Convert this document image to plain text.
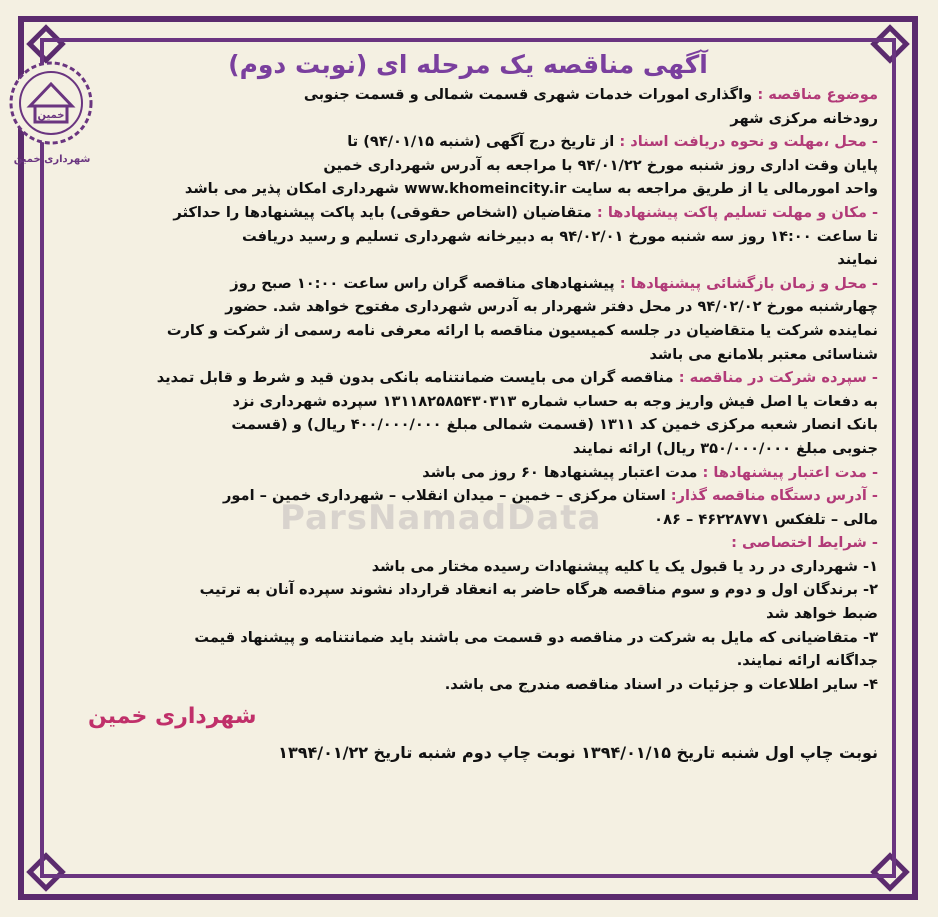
آگهی مناقصه یک مرحله ای (نوبت دوم)

موضوع مناقصه : واگذاری امورات خدمات شهری قسمت شمالی و قسمت جنوبی
رودخانه مرکزی شهر

- محل ،مهلت و نحوه دریافت اسناد : از تاریخ درج آگهی (شنبه ۹۴/۰۱/۱۵) تا
پایان وقت اداری روز شنبه مورخ ۹۴/۰۱/۲۲ با مراجعه به آدرس شهرداری خمین
واحد امورمالی یا از طریق مراجعه به سایت www.khomeincity.ir شهرداری امکان پذیر می باشد

- مکان و مهلت تسلیم پاکت پیشنهادها : متقاضیان (اشخاص حقوقی) باید پاکت پیشنهادها را حداکثر
تا ساعت ۱۴:۰۰ روز سه شنبه مورخ ۹۴/۰۲/۰۱ به دبیرخانه شهرداری تسلیم و رسید دریافت
نمایند

- محل و زمان بازگشائی پیشنهادها : پیشنهادهای مناقصه گران راس ساعت ۱۰:۰۰ صبح روز
چهارشنبه مورخ ۹۴/۰۲/۰۲ در محل دفتر شهردار به آدرس شهرداری مفتوح خواهد شد. حضور
نماینده شرکت یا متقاضیان در جلسه کمیسیون مناقصه با ارائه معرفی نامه رسمی از شرکت و کارت
شناسائی معتبر بلامانع می باشد

- سپرده شرکت در مناقصه : مناقصه گران می بایست ضمانتنامه بانکی بدون قید و شرط و قابل تمدید
به دفعات یا اصل فیش واریز وجه به حساب شماره ۱۳۱۱۸۲۵۸۵۴۳۰۳۱۳ سپرده شهرداری نزد
بانک انصار شعبه مرکزی خمین کد ۱۳۱۱ (قسمت شمالی مبلغ ۴۰۰/۰۰۰/۰۰۰ ریال) و (قسمت
جنوبی مبلغ ۳۵۰/۰۰۰/۰۰۰ ریال) ارائه نمایند

- مدت اعتبار پیشنهادها : مدت اعتبار پیشنهادها ۶۰ روز می باشد

- آدرس دستگاه مناقصه گذار: استان مرکزی – خمین – میدان انقلاب – شهرداری خمین – امور
مالی – تلفکس ۴۶۲۲۸۷۷۱ – ۰۸۶

- شرایط اختصاصی :
۱- شهرداری در رد یا قبول یک یا کلیه پیشنهادات رسیده مختار می باشد
۲- برندگان اول و دوم و سوم مناقصه هرگاه حاضر به انعقاد قرارداد نشوند سپرده آنان به ترتیب
ضبط خواهد شد
۳- متقاضیانی که مایل به شرکت در مناقصه دو قسمت می باشند باید ضمانتنامه و پیشنهاد قیمت
جداگانه ارائه نمایند.
۴- سایر اطلاعات و جزئیات در اسناد مناقصه مندرج می باشد.

شهرداری خمین
نوبت چاپ اول شنبه تاریخ ۱۳۹۴/۰۱/۱۵ نوبت چاپ دوم شنبه تاریخ ۱۳۹۴/۰۱/۲۲
خمین
شهرداری خمین
ParsNamadData
